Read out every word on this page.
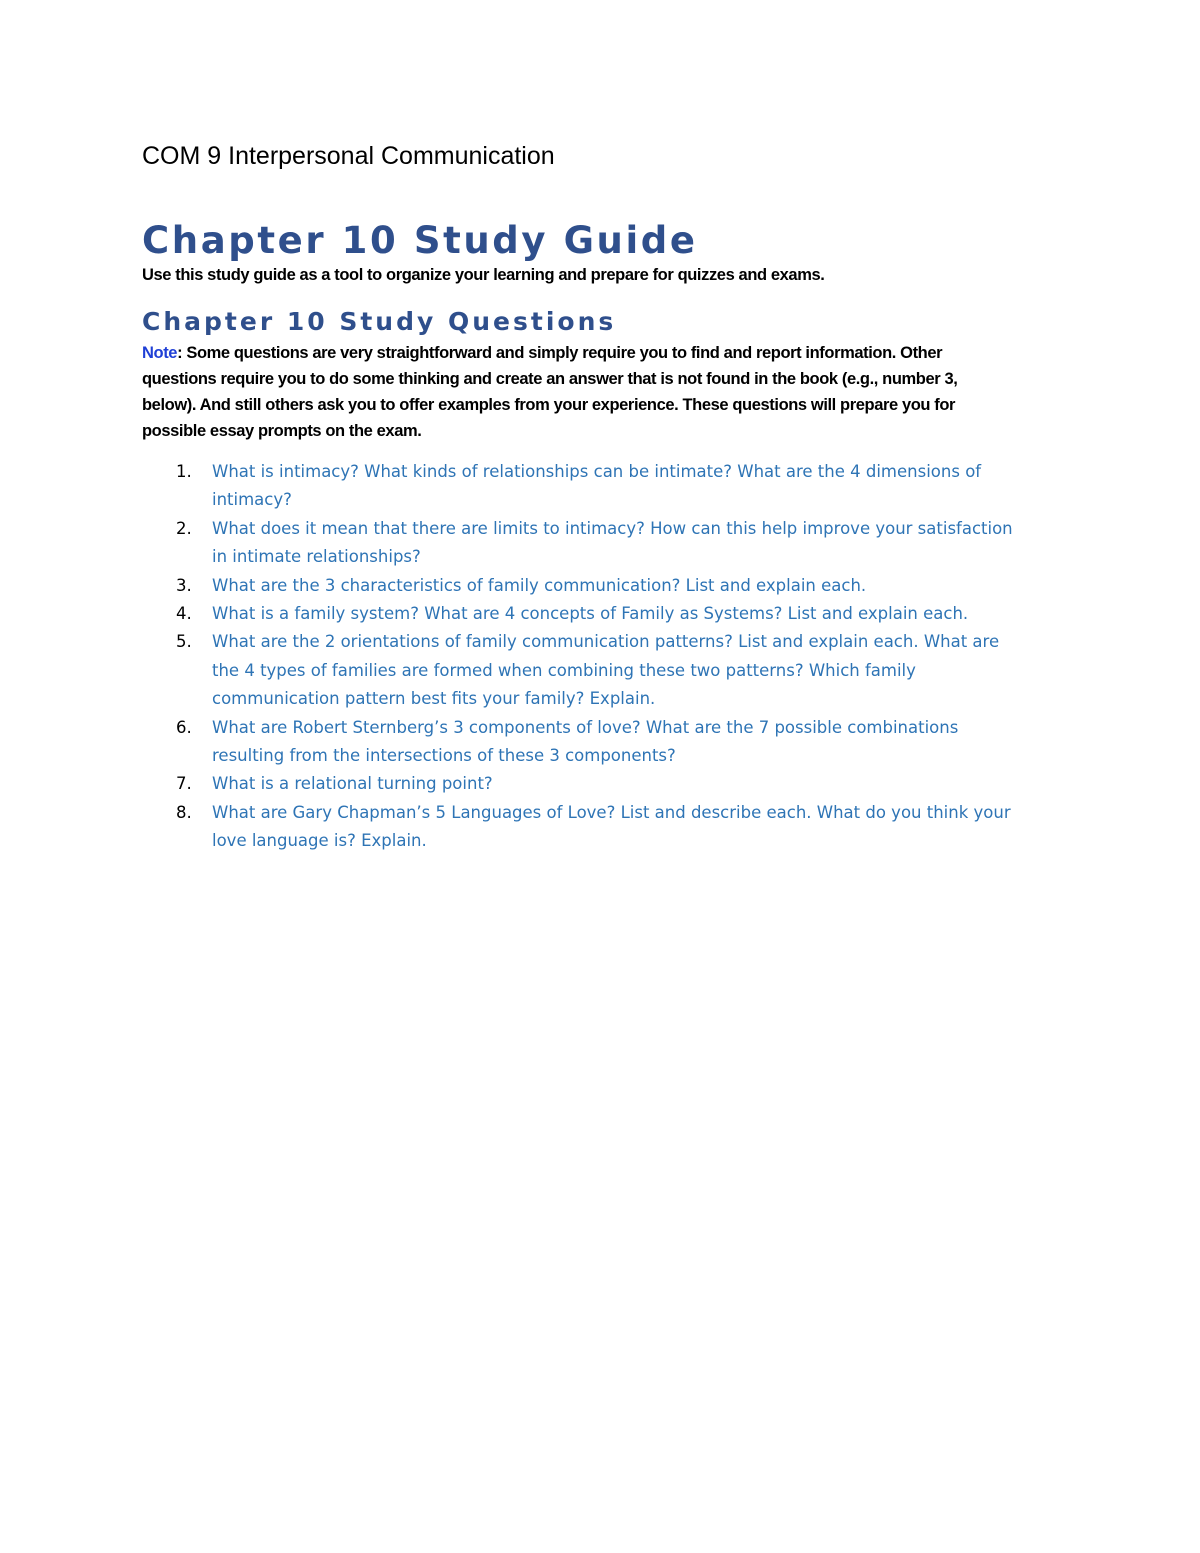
COM 9 Interpersonal Communication
Chapter 10 Study Guide

Use this study guide as a tool to organize your learning and prepare for quizzes and exams.

Chapter 10 Study Questions

Note: Some questions are very straightforward and simply require you to find and report information. Other
questions require you to do some thinking and create an answer that is not found in the book (e.g., number 3,
below). And still others ask you to offer examples from your experience. These questions will prepare you for
possible essay prompts on the exam.

1. What is intimacy? What kinds of relationships can be intimate? What are the 4 dimensions of
intimacy?
2. What does it mean that there are limits to intimacy? How can this help improve your satisfaction
in intimate relationships?
3. What are the 3 characteristics of family communication? List and explain each.
4. What is a family system? What are 4 concepts of Family as Systems? List and explain each.
5. What are the 2 orientations of family communication patterns? List and explain each. What are
the 4 types of families are formed when combining these two patterns? Which family
communication pattern best fits your family? Explain.
6. What are Robert Sternberg’s 3 components of love? What are the 7 possible combinations
resulting from the intersections of these 3 components?
7. What is a relational turning point?
8. What are Gary Chapman’s 5 Languages of Love? List and describe each. What do you think your
love language is? Explain.
